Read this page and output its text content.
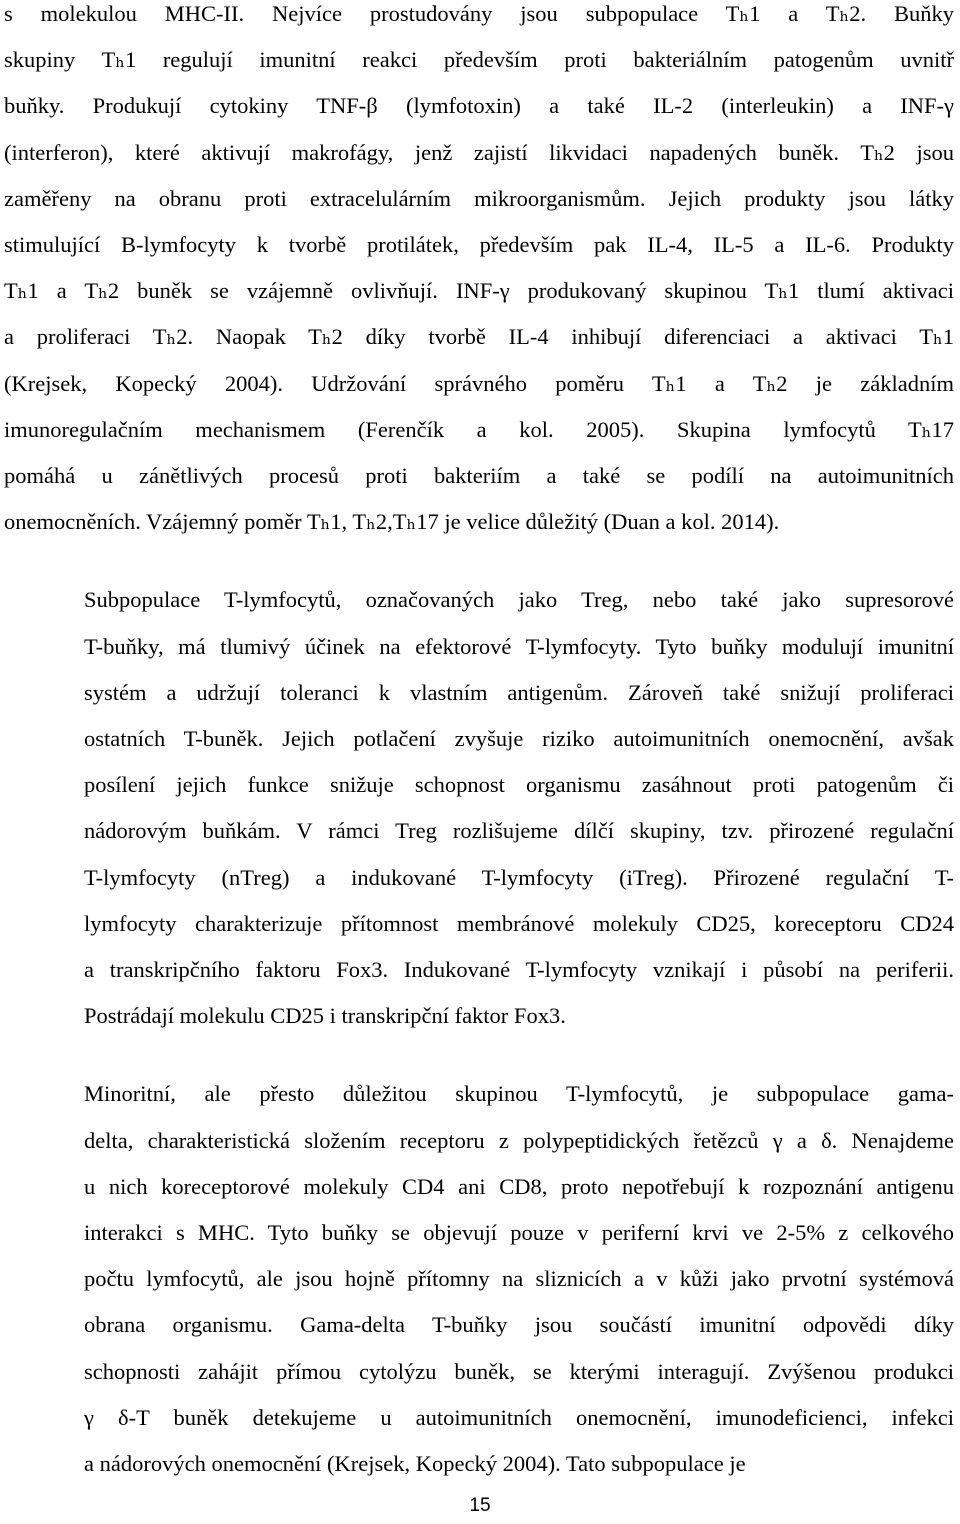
s molekulou MHC-II. Nejvíce prostudovány jsou subpopulace Tₕ1 a Tₕ2. Buňky
skupiny Tₕ1 regulují imunitní reakci především proti bakteriálním patogenům uvnitř
buňky. Produkují cytokiny TNF-β (lymfotoxin) a také IL-2 (interleukin) a INF-γ
(interferon), které aktivují makrofágy, jenž zajistí likvidaci napadených buněk. Tₕ2 jsou
zaměřeny na obranu proti extracelulárním mikroorganismům. Jejich produkty jsou látky
stimulující B-lymfocyty k tvorbě protilátek, především pak IL-4, IL-5 a IL-6. Produkty
Tₕ1 a Tₕ2 buněk se vzájemně ovlivňují. INF-γ produkovaný skupinou Tₕ1 tlumí aktivaci
a proliferaci Tₕ2. Naopak Tₕ2 díky tvorbě IL-4 inhibují diferenciaci a aktivaci Tₕ1
(Krejsek, Kopecký 2004). Udržování správného poměru Tₕ1 a Tₕ2 je základním
imunoregulačním mechanismem (Ferenčík a kol. 2005). Skupina lymfocytů Tₕ17
pomáhá u zánětlivých procesů proti bakteriím a také se podílí na autoimunitních
onemocněních. Vzájemný poměr Tₕ1, Tₕ2,Tₕ17 je velice důležitý (Duan a kol. 2014).

Subpopulace T-lymfocytů, označovaných jako Treg, nebo také jako supresorové
T-buňky, má tlumivý účinek na efektorové T-lymfocyty. Tyto buňky modulují imunitní
systém a udržují toleranci k vlastním antigenům. Zároveň také snižují proliferaci
ostatních T-buněk. Jejich potlačení zvyšuje riziko autoimunitních onemocnění, avšak
posílení jejich funkce snižuje schopnost organismu zasáhnout proti patogenům či
nádorovým buňkám. V rámci Treg rozlišujeme dílčí skupiny, tzv. přirozené regulační
T-lymfocyty (nTreg) a indukované T-lymfocyty (iTreg). Přirozené regulační T-
lymfocyty charakterizuje přítomnost membránové molekuly CD25, koreceptoru CD24
a transkripčního faktoru Fox3. Indukované T-lymfocyty vznikají i působí na periferii.
Postrádají molekulu CD25 i transkripční faktor Fox3.

Minoritní, ale přesto důležitou skupinou T-lymfocytů, je subpopulace gama-
delta, charakteristická složením receptoru z polypeptidických řetězců γ a δ. Nenajdeme
u nich koreceptorové molekuly CD4 ani CD8, proto nepotřebují k rozpoznání antigenu
interakci s MHC. Tyto buňky se objevují pouze v periferní krvi ve 2-5% z celkového
počtu lymfocytů, ale jsou hojně přítomny na sliznicích a v kůži jako prvotní systémová
obrana organismu. Gama-delta T-buňky jsou součástí imunitní odpovědi díky
schopnosti zahájit přímou cytolýzu buněk, se kterými interagují. Zvýšenou produkci
γ δ-T buněk detekujeme u autoimunitních onemocnění, imunodeficienci, infekci
a nádorových onemocnění (Krejsek, Kopecký 2004). Tato subpopulace je

15
